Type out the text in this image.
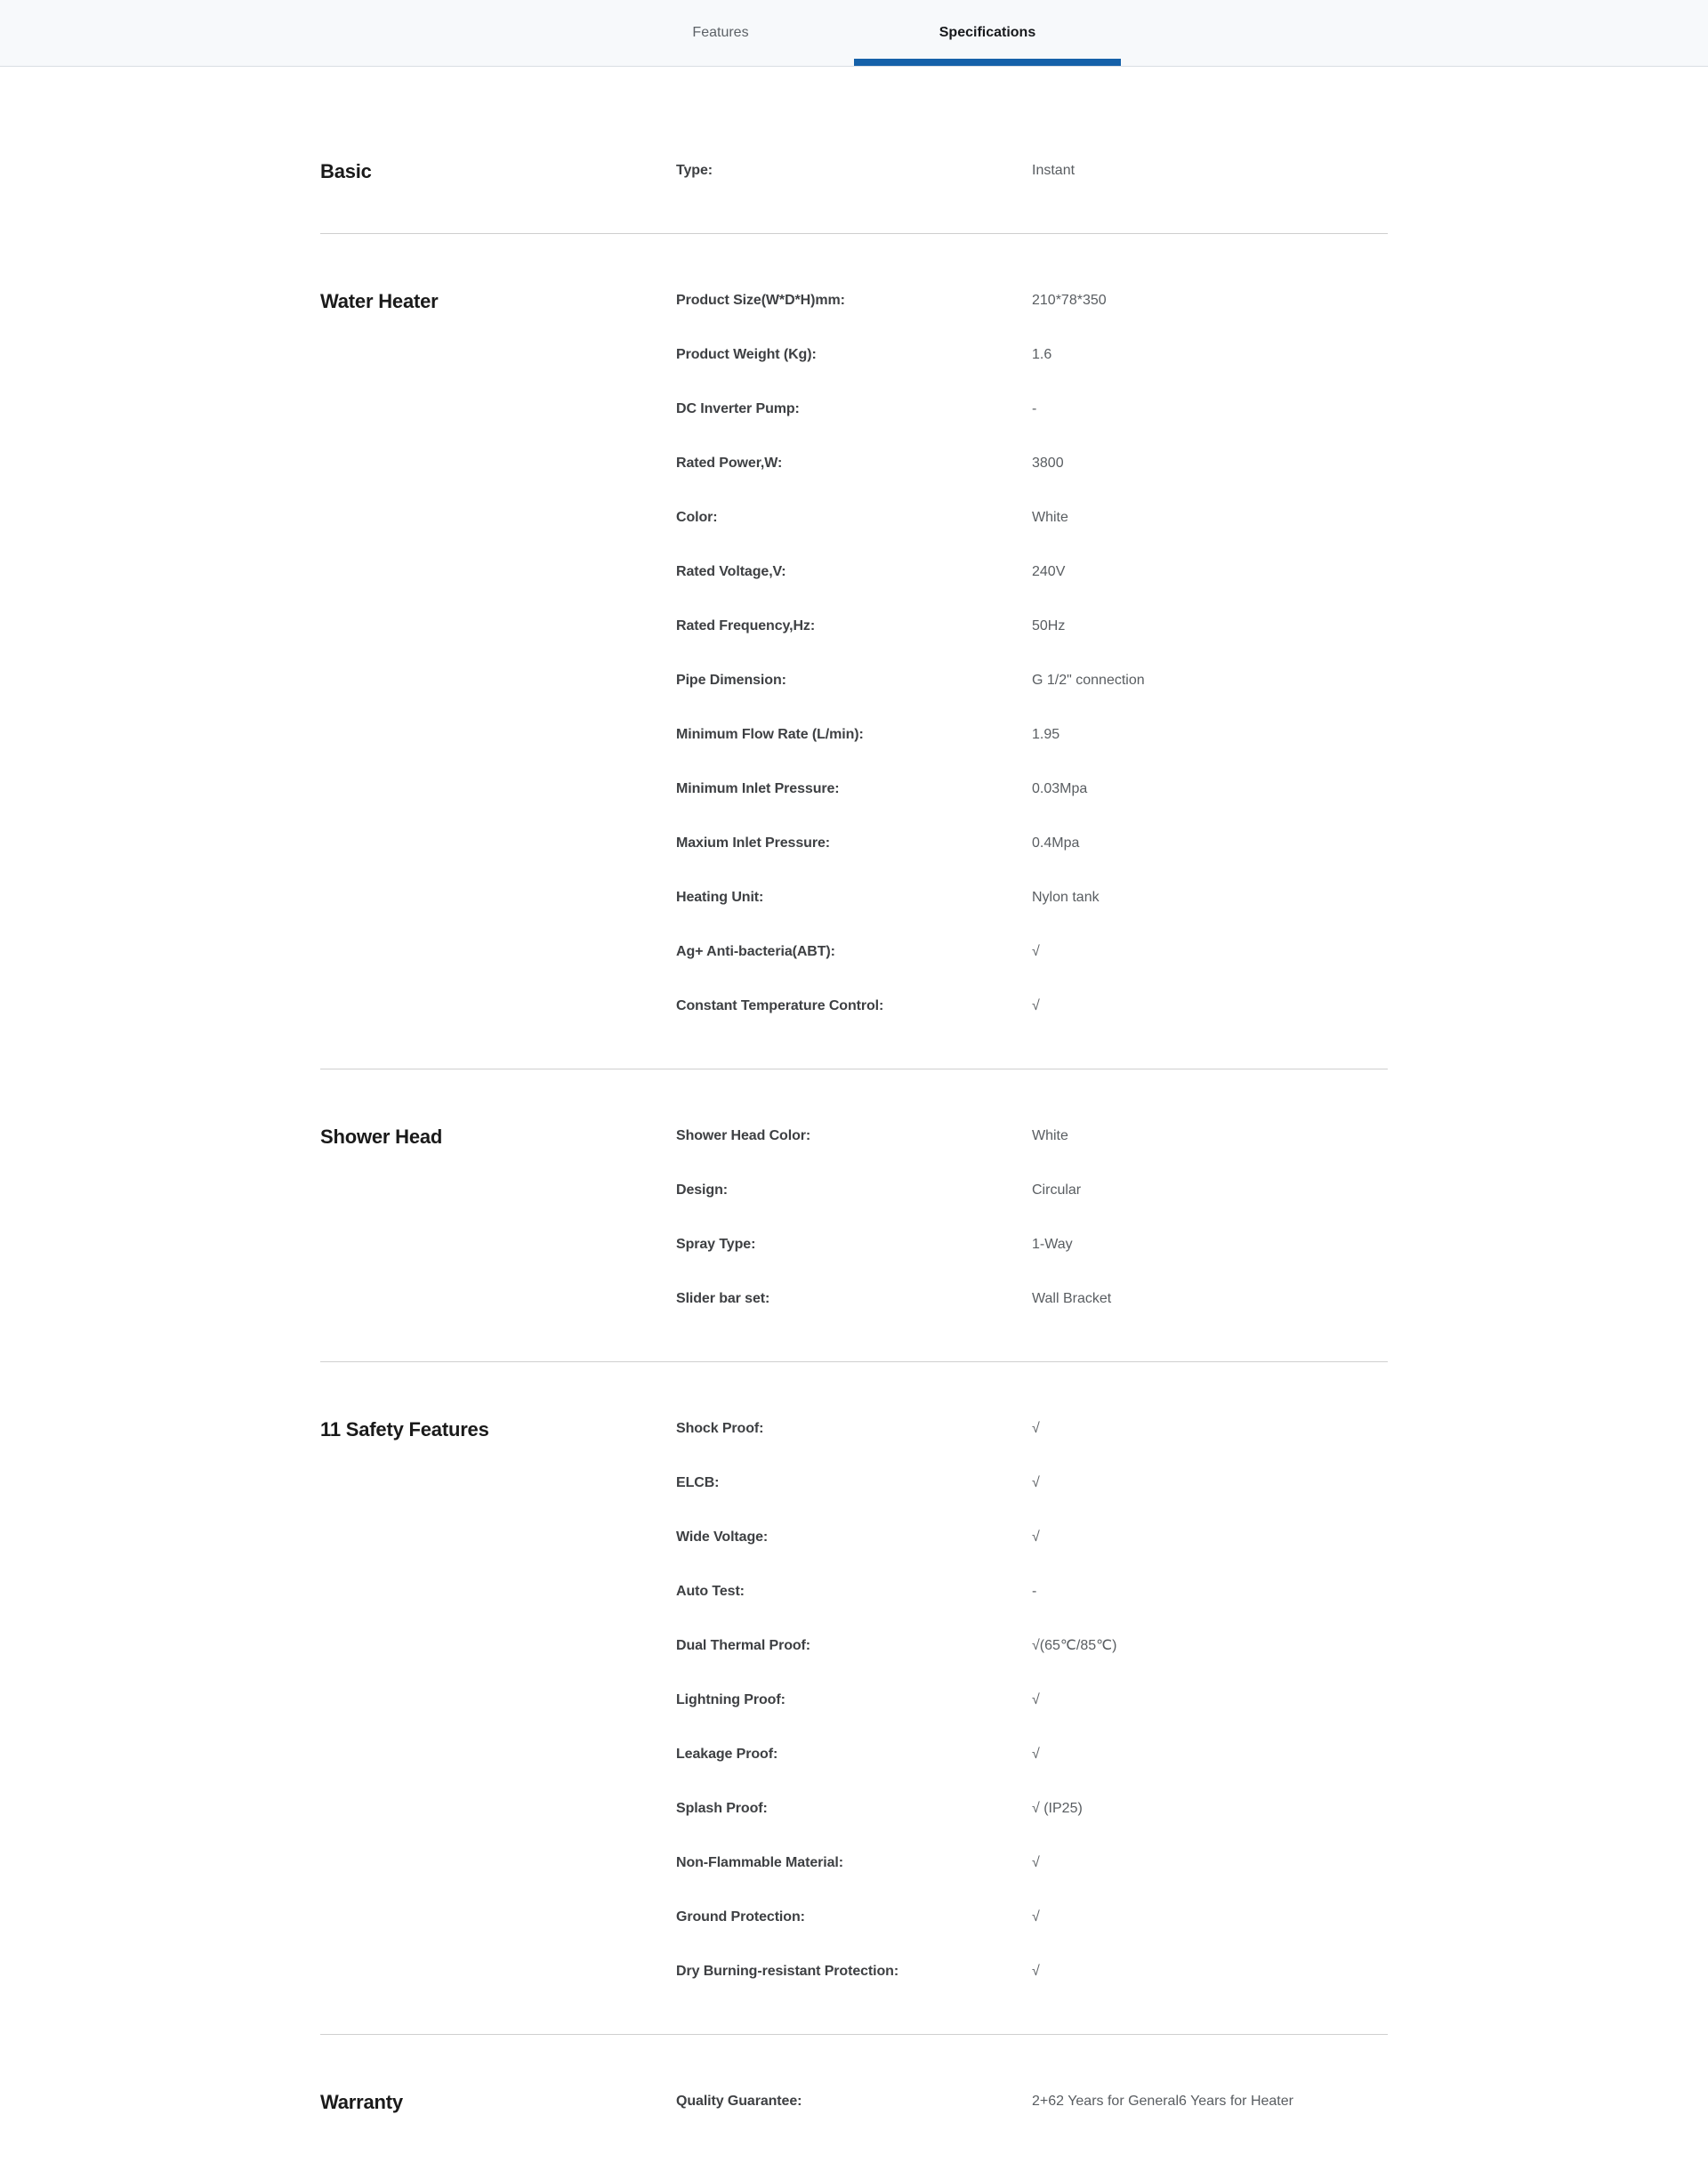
Features	Specifications
Basic	Type:	Instant
Water Heater	Product Size(W*D*H)mm:	210*78*350
Product Weight (Kg):	1.6
DC Inverter Pump:	-
Rated Power,W:	3800
Color:	White
Rated Voltage,V:	240V
Rated Frequency,Hz:	50Hz
Pipe Dimension:	G 1/2" connection
Minimum Flow Rate (L/min):	1.95
Minimum Inlet Pressure:	0.03Mpa
Maxium Inlet Pressure:	0.4Mpa
Heating Unit:	Nylon tank
Ag+ Anti-bacteria(ABT):	√
Constant Temperature Control:	√
Shower Head	Shower Head Color:	White
Design:	Circular
Spray Type:	1-Way
Slider bar set:	Wall Bracket
11 Safety Features	Shock Proof:	√
ELCB:	√
Wide Voltage:	√
Auto Test:	-
Dual Thermal Proof:	√(65℃/85℃)
Lightning Proof:	√
Leakage Proof:	√
Splash Proof:	√ (IP25)
Non-Flammable Material:	√
Ground Protection:	√
Dry Burning-resistant Protection:	√
Warranty	Quality Guarantee:	2+62 Years for General6 Years for Heater
